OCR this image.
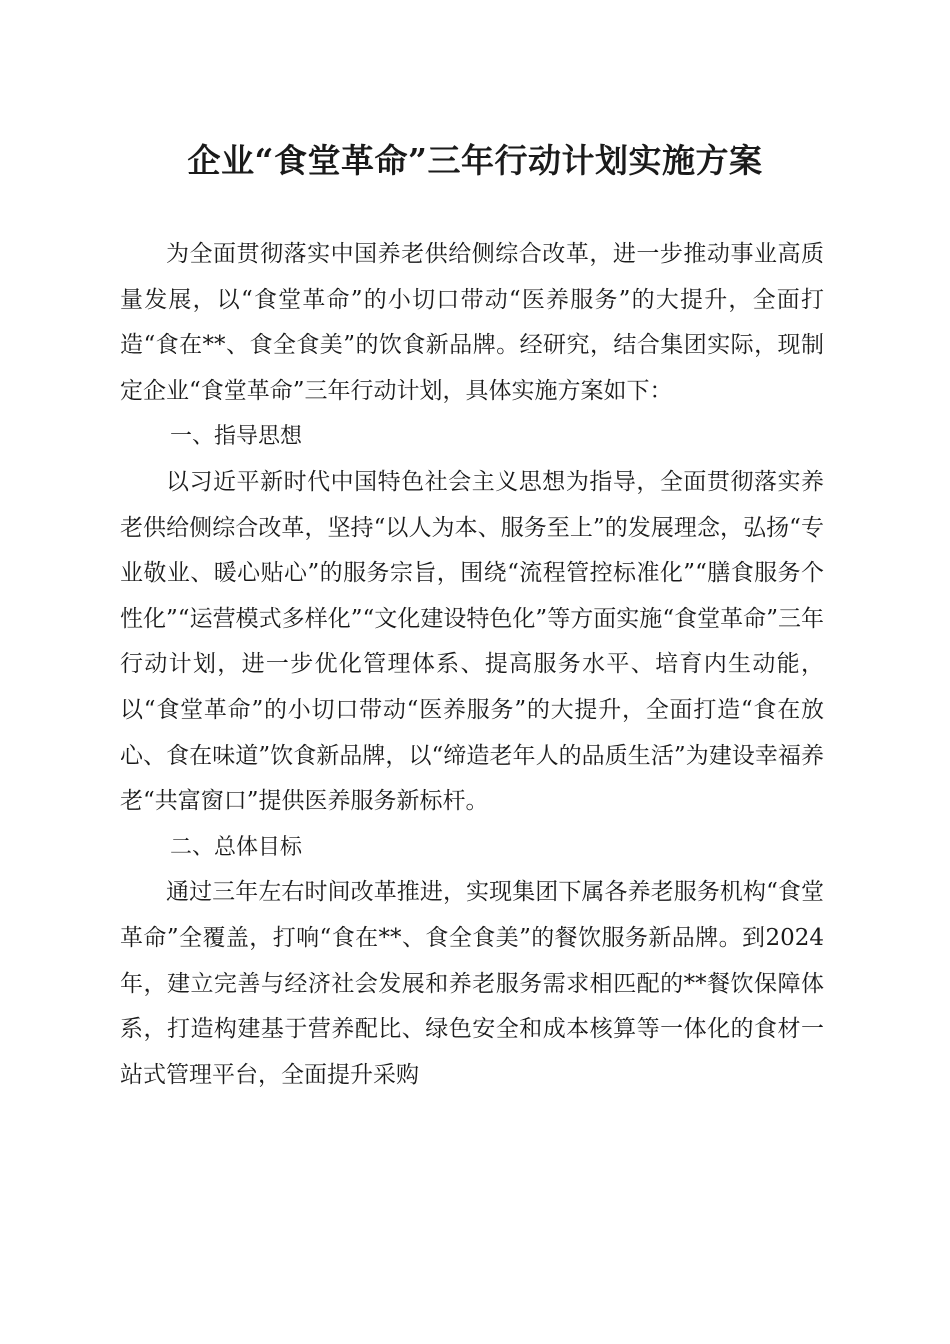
企业“食堂革命”三年行动计划实施方案

为全面贯彻落实中国养老供给侧综合改革，进一步推动事业高质量发展，以“食堂革命”的小切口带动“医养服务”的大提升，全面打造“食在**、食全食美”的饮食新品牌。经研究，结合集团实际，现制定企业“食堂革命”三年行动计划，具体实施方案如下：

一、指导思想

以习近平新时代中国特色社会主义思想为指导，全面贯彻落实养老供给侧综合改革，坚持“以人为本、服务至上”的发展理念，弘扬“专业敬业、暖心贴心”的服务宗旨，围绕“流程管控标准化”“膳食服务个性化”“运营模式多样化”“文化建设特色化”等方面实施“食堂革命”三年行动计划，进一步优化管理体系、提高服务水平、培育内生动能，以“食堂革命”的小切口带动“医养服务”的大提升，全面打造“食在放心、食在味道”饮食新品牌，以“缔造老年人的品质生活”为建设幸福养老“共富窗口”提供医养服务新标杆。

二、总体目标

通过三年左右时间改革推进，实现集团下属各养老服务机构“食堂革命”全覆盖，打响“食在**、食全食美”的餐饮服务新品牌。到2024年，建立完善与经济社会发展和养老服务需求相匹配的**餐饮保障体系，打造构建基于营养配比、绿色安全和成本核算等一体化的食材一站式管理平台，全面提升采购
